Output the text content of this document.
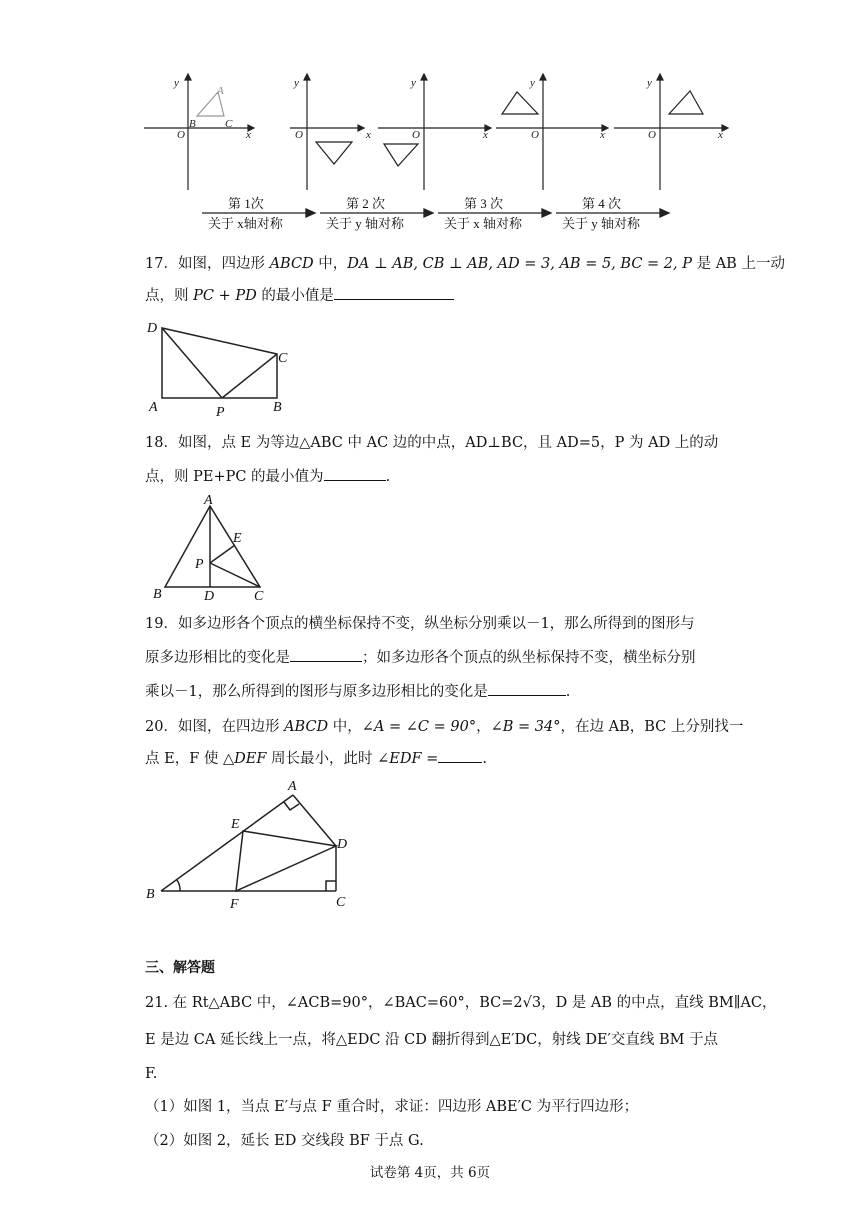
y
x
O
A
B	C
y
x
O
y
x
O
y
x
O
y
x
O
第 1次
关于 x轴对称
第 2 次
关于 y 轴对称
第 3 次
关于 x 轴对称
第 4 次
关于 y 轴对称
17．如图，四边形 ABCD 中，DA ⊥ AB, CB ⊥ AB, AD = 3, AB = 5, BC = 2, P 是 AB 上一动
点，则 PC + PD 的最小值是
D
C
A	P	B
18．如图，点 E 为等边△ABC 中 AC 边的中点，AD⊥BC，且 AD=5，P 为 AD 上的动
点，则 PE+PC 的最小值为	.
A
E
P
B	D	C
19．如多边形各个顶点的横坐标保持不变，纵坐标分别乘以－1，那么所得到的图形与
原多边形相比的变化是	；如多边形各个顶点的纵坐标保持不变，横坐标分别
乘以－1，那么所得到的图形与原多边形相比的变化是	.
20．如图，在四边形 ABCD 中，∠A = ∠C = 90°，∠B = 34°，在边 AB，BC 上分别找一
点 E，F 使 △DEF 周长最小，此时 ∠EDF =	.
A
E
D
B
F	C
三、解答题
21. 在 Rt△ABC 中，∠ACB=90°，∠BAC=60°，BC=2√3，D 是 AB 的中点，直线 BM∥AC，
E 是边 CA 延长线上一点，将△EDC 沿 CD 翻折得到△E′DC，射线 DE′交直线 BM 于点
F.
（1）如图 1，当点 E′与点 F 重合时，求证：四边形 ABE′C 为平行四边形；
（2）如图 2，延长 ED 交线段 BF 于点 G.
试卷第 4页，共 6页
